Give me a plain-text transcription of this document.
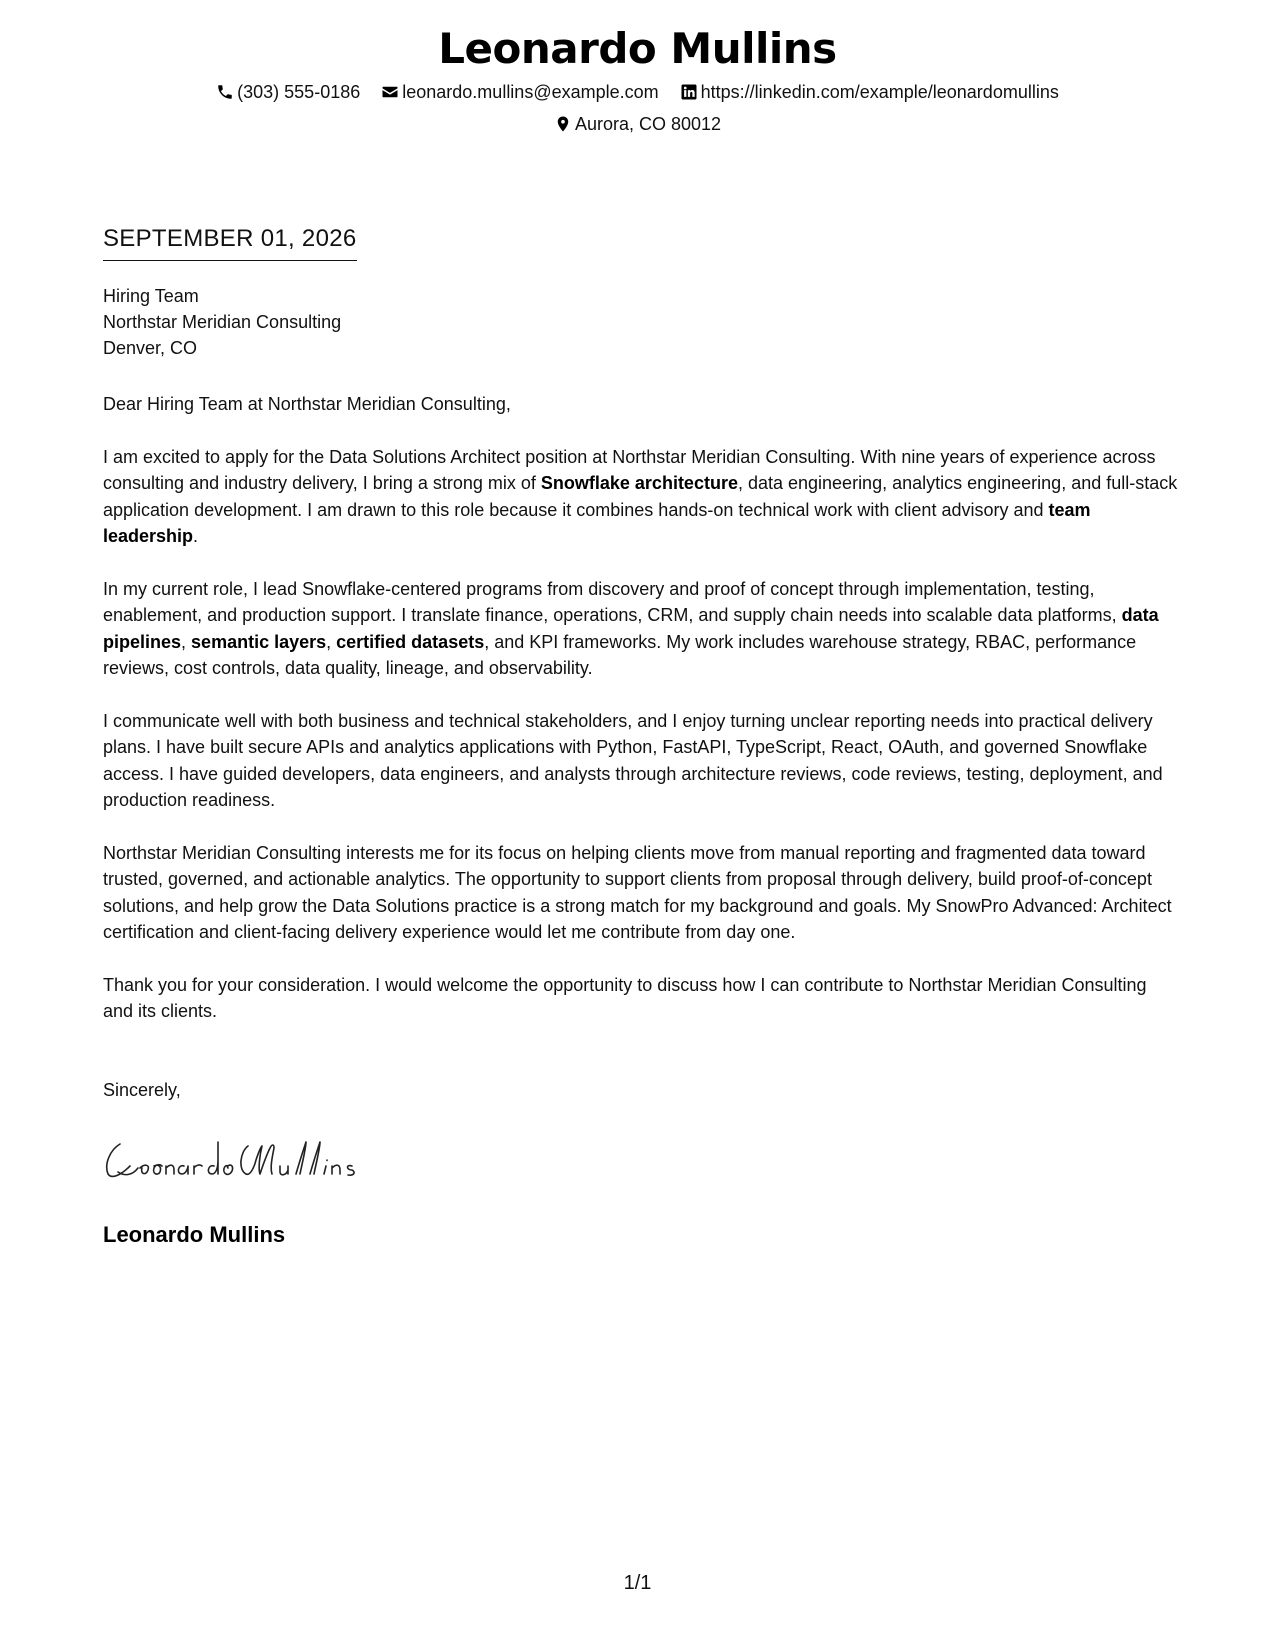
Leonardo Mullins
(303) 555-0186
leonardo.mullins@example.com
https://linkedin.com/example/leonardomullins
Aurora, CO 80012
SEPTEMBER 01, 2026
Hiring Team
Northstar Meridian Consulting
Denver, CO
Dear Hiring Team at Northstar Meridian Consulting,
I am excited to apply for the Data Solutions Architect position at Northstar Meridian Consulting. With nine years of experience across consulting and industry delivery, I bring a strong mix of Snowflake architecture, data engineering, analytics engineering, and full-stack application development. I am drawn to this role because it combines hands-on technical work with client advisory and team leadership.
In my current role, I lead Snowflake-centered programs from discovery and proof of concept through implementation, testing, enablement, and production support. I translate finance, operations, CRM, and supply chain needs into scalable data platforms, data pipelines, semantic layers, certified datasets, and KPI frameworks. My work includes warehouse strategy, RBAC, performance reviews, cost controls, data quality, lineage, and observability.
I communicate well with both business and technical stakeholders, and I enjoy turning unclear reporting needs into practical delivery plans. I have built secure APIs and analytics applications with Python, FastAPI, TypeScript, React, OAuth, and governed Snowflake access. I have guided developers, data engineers, and analysts through architecture reviews, code reviews, testing, deployment, and production readiness.
Northstar Meridian Consulting interests me for its focus on helping clients move from manual reporting and fragmented data toward trusted, governed, and actionable analytics. The opportunity to support clients from proposal through delivery, build proof-of-concept solutions, and help grow the Data Solutions practice is a strong match for my background and goals. My SnowPro Advanced: Architect certification and client-facing delivery experience would let me contribute from day one.
Thank you for your consideration. I would welcome the opportunity to discuss how I can contribute to Northstar Meridian Consulting and its clients.
Sincerely,
Leonardo Mullins
1/1
